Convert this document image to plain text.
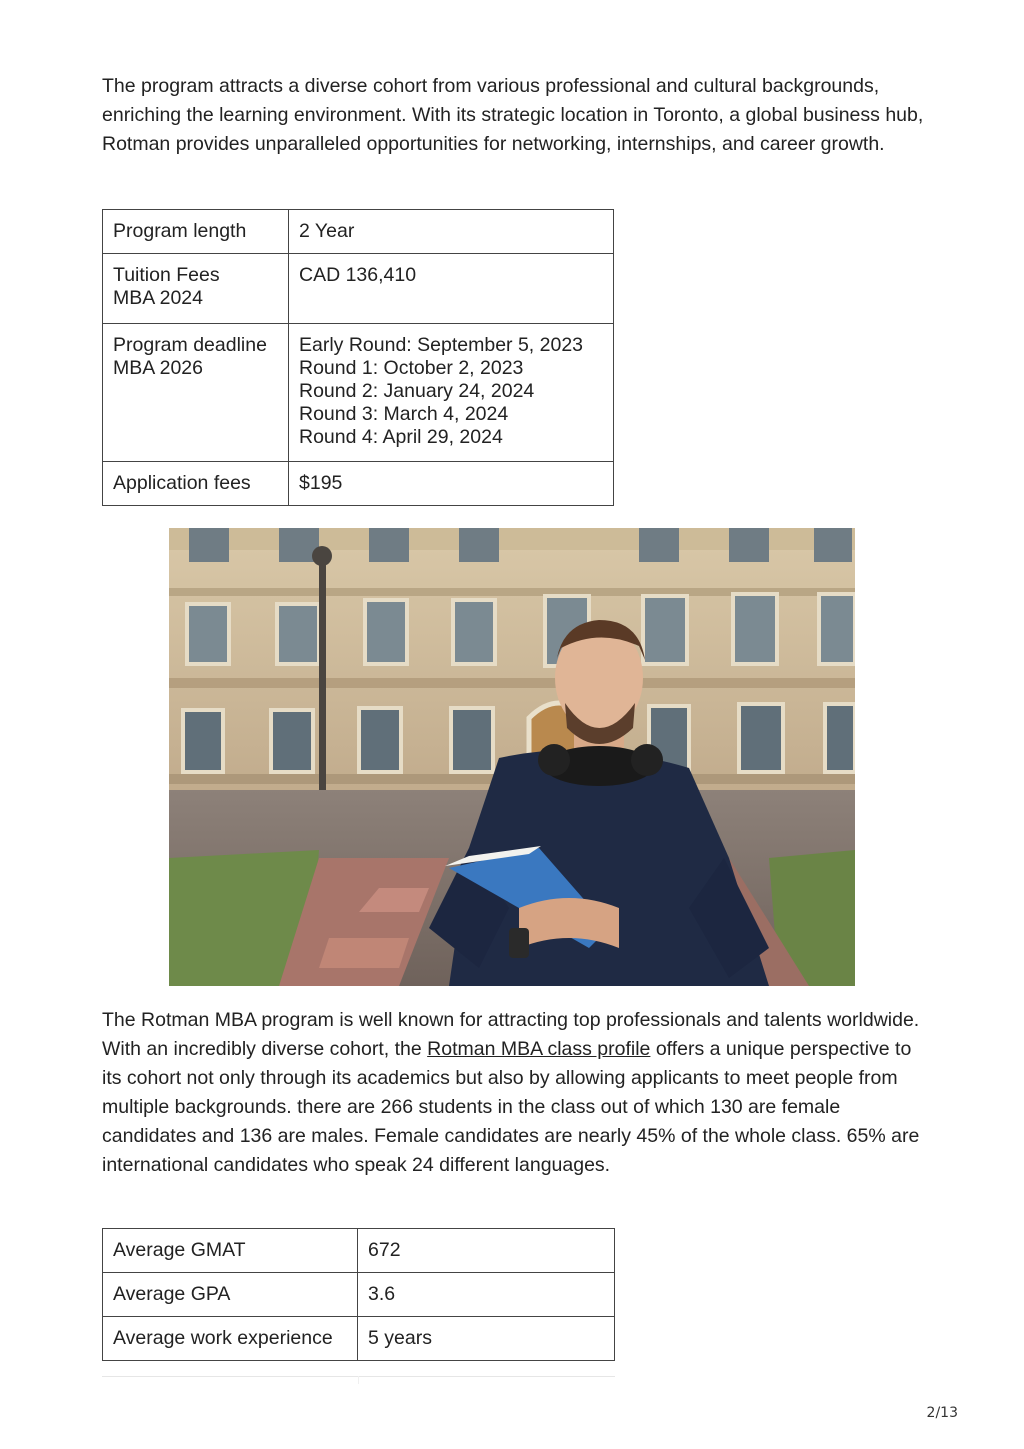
The program attracts a diverse cohort from various professional and cultural backgrounds, enriching the learning environment. With its strategic location in Toronto, a global business hub, Rotman provides unparalleled opportunities for networking, internships, and career growth.

Program length	2 Year

Tuition Fees
MBA 2024	CAD 136,410

Program deadline
MBA 2026	Early Round: September 5, 2023
Round 1: October 2, 2023
Round 2: January 24, 2024
Round 3: March 4, 2024
Round 4: April 29, 2024

Application fees	$195

The Rotman MBA program is well known for attracting top professionals and talents worldwide. With an incredibly diverse cohort, the Rotman MBA class profile offers a unique perspective to its cohort not only through its academics but also by allowing applicants to meet people from multiple backgrounds. there are 266 students in the class out of which 130 are female candidates and 136 are males. Female candidates are nearly 45% of the whole class. 65% are international candidates who speak 24 different languages.

Average GMAT	672
Average GPA	3.6
Average work experience	5 years
2/13
